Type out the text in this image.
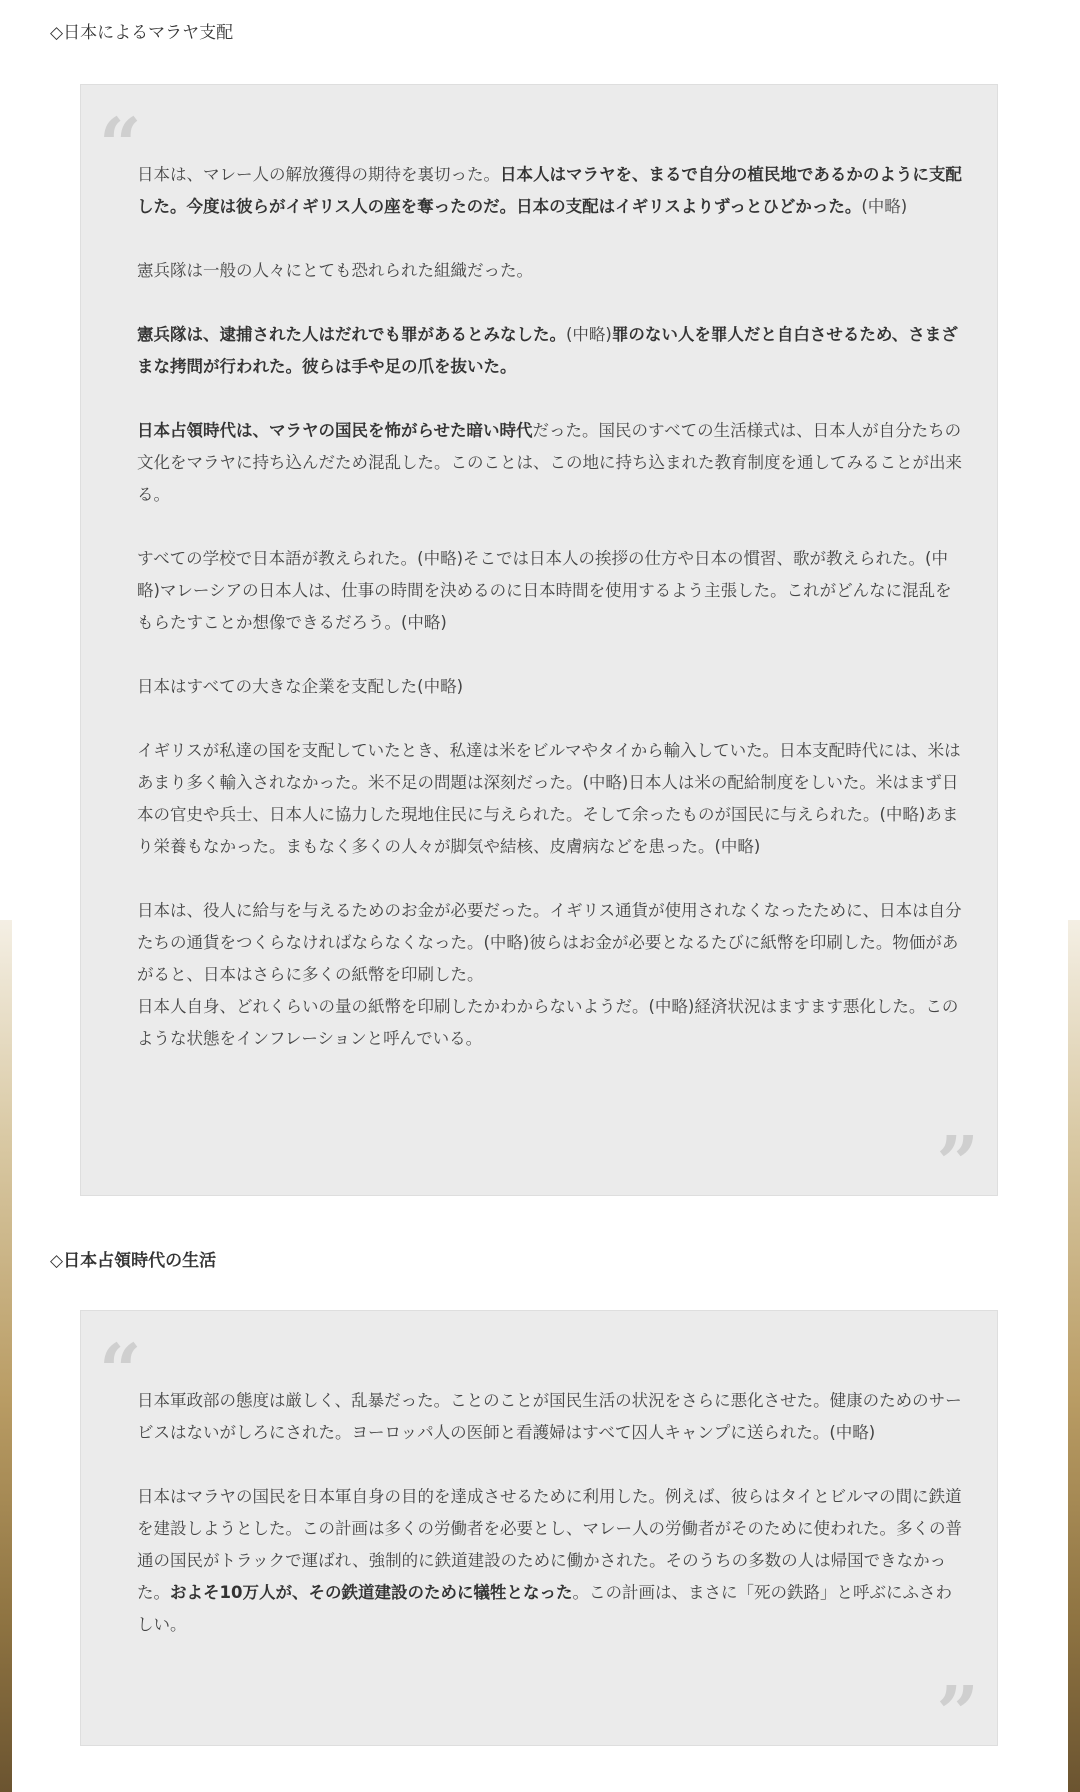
◇日本によるマラヤ支配
“

日本は、マレー人の解放獲得の期待を裏切った。日本人はマラヤを、まるで自分の植民地であるかのように支配した。今度は彼らがイギリス人の座を奪ったのだ。日本の支配はイギリスよりずっとひどかった。(中略)

憲兵隊は一般の人々にとても恐れられた組織だった。

憲兵隊は、逮捕された人はだれでも罪があるとみなした。(中略)罪のない人を罪人だと自白させるため、さまざまな拷問が行われた。彼らは手や足の爪を抜いた。

日本占領時代は、マラヤの国民を怖がらせた暗い時代だった。国民のすべての生活様式は、日本人が自分たちの文化をマラヤに持ち込んだため混乱した。このことは、この地に持ち込まれた教育制度を通してみることが出来る。

すべての学校で日本語が教えられた。(中略)そこでは日本人の挨拶の仕方や日本の慣習、歌が教えられた。(中略)マレーシアの日本人は、仕事の時間を決めるのに日本時間を使用するよう主張した。これがどんなに混乱をもらたすことか想像できるだろう。(中略)

日本はすべての大きな企業を支配した(中略)

イギリスが私達の国を支配していたとき、私達は米をビルマやタイから輸入していた。日本支配時代には、米はあまり多く輸入されなかった。米不足の問題は深刻だった。(中略)日本人は米の配給制度をしいた。米はまず日本の官史や兵士、日本人に協力した現地住民に与えられた。そして余ったものが国民に与えられた。(中略)あまり栄養もなかった。まもなく多くの人々が脚気や結核、皮膚病などを患った。(中略)

日本は、役人に給与を与えるためのお金が必要だった。イギリス通貨が使用されなくなったために、日本は自分たちの通貨をつくらなければならなくなった。(中略)彼らはお金が必要となるたびに紙幣を印刷した。物価があがると、日本はさらに多くの紙幣を印刷した。

日本人自身、どれくらいの量の紙幣を印刷したかわからないようだ。(中略)経済状況はますます悪化した。このような状態をインフレーションと呼んでいる。

”
◇日本占領時代の生活
“

日本軍政部の態度は厳しく、乱暴だった。ことのことが国民生活の状況をさらに悪化させた。健康のためのサービスはないがしろにされた。ヨーロッパ人の医師と看護婦はすべて囚人キャンプに送られた。(中略)

日本はマラヤの国民を日本軍自身の目的を達成させるために利用した。例えば、彼らはタイとビルマの間に鉄道を建設しようとした。この計画は多くの労働者を必要とし、マレー人の労働者がそのために使われた。多くの普通の国民がトラックで運ばれ、強制的に鉄道建設のために働かされた。そのうちの多数の人は帰国できなかった。およそ10万人が、その鉄道建設のために犠牲となった。この計画は、まさに「死の鉄路」と呼ぶにふさわしい。

”
